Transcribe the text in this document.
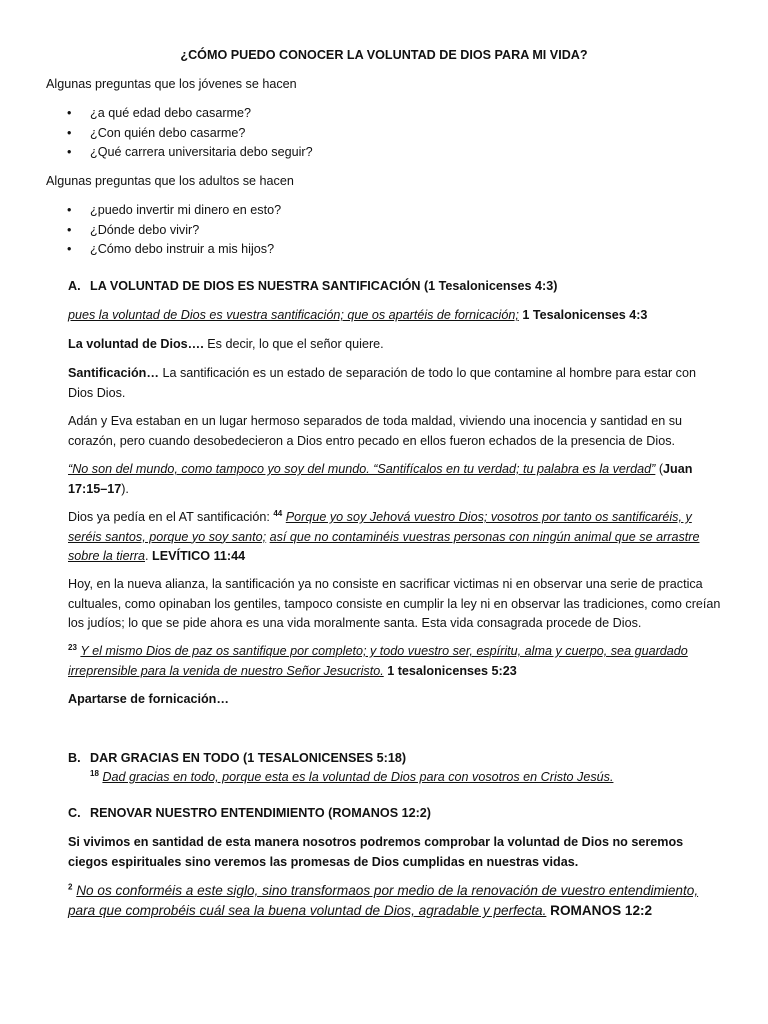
¿CÓMO PUEDO CONOCER LA VOLUNTAD DE DIOS PARA MI VIDA?

Algunas preguntas que los jóvenes se hacen

• ¿a qué edad debo casarme?
• ¿Con quién debo casarme?
• ¿Qué carrera universitaria debo seguir?

Algunas preguntas que los adultos se hacen

• ¿puedo invertir mi dinero en esto?
• ¿Dónde debo vivir?
• ¿Cómo debo instruir a mis hijos?

A. LA VOLUNTAD DE DIOS ES NUESTRA SANTIFICACIÓN (1 Tesalonicenses 4:3)

pues la voluntad de Dios es vuestra santificación; que os apartéis de fornicación; 1 Tesalonicenses 4:3

La voluntad de Dios…. Es decir, lo que el señor quiere.

Santificación… La santificación es un estado de separación de todo lo que contamine al hombre para estar con Dios Dios.

Adán y Eva estaban en un lugar hermoso separados de toda maldad, viviendo una inocencia y santidad en su corazón, pero cuando desobedecieron a Dios entro pecado en ellos fueron echados de la presencia de Dios.

“No son del mundo, como tampoco yo soy del mundo. “Santifícalos en tu verdad; tu palabra es la verdad” (Juan 17:15–17).

Dios ya pedía en el AT santificación: $^{44}$ Porque yo soy Jehová vuestro Dios; vosotros por tanto os santificaréis, y seréis santos, porque yo soy santo; así que no contaminéis vuestras personas con ningún animal que se arrastre sobre la tierra. LEVÍTICO 11:44

Hoy, en la nueva alianza, la santificación ya no consiste en sacrificar victimas ni en observar una serie de practica cultuales, como opinaban los gentiles, tampoco consiste en cumplir la ley ni en observar las tradiciones, como creían los judíos; lo que se pide ahora es una vida moralmente santa. Esta vida consagrada procede de Dios.

$^{23}$ Y el mismo Dios de paz os santifique por completo; y todo vuestro ser, espíritu, alma y cuerpo, sea guardado irreprensible para la venida de nuestro Señor Jesucristo. 1 tesalonicenses 5:23

Apartarse de fornicación…

B. DAR GRACIAS EN TODO (1 TESALONICENSES 5:18)

$^{18}$ Dad gracias en todo, porque esta es la voluntad de Dios para con vosotros en Cristo Jesús.

C. RENOVAR NUESTRO ENTENDIMIENTO (ROMANOS 12:2)

Si vivimos en santidad de esta manera nosotros podremos comprobar la voluntad de Dios no seremos ciegos espirituales sino veremos las promesas de Dios cumplidas en nuestras vidas.

$^2$ No os conforméis a este siglo, sino transformaos por medio de la renovación de vuestro entendimiento, para que comprobéis cuál sea la buena voluntad de Dios, agradable y perfecta. ROMANOS 12:2
